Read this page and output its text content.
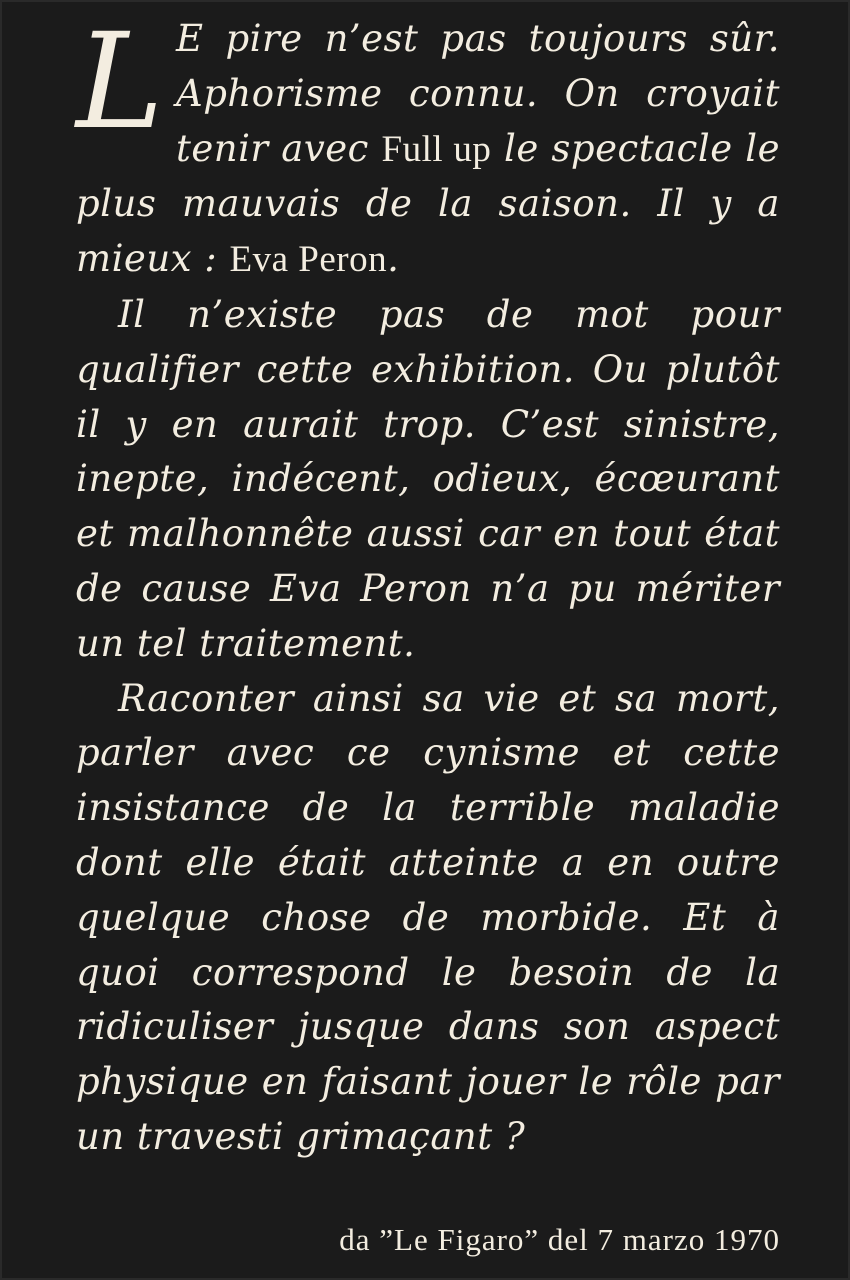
L E pire n’est pas toujours sûr. Aphorisme connu. On croyait tenir avec Full up le spectacle le plus mauvais de la saison. Il y a mieux : Eva Peron.

Il n’existe pas de mot pour qualifier cette exhibition. Ou plutôt il y en aurait trop. C’est sinistre, inepte, indécent, odieux, écœurant et malhonnête aussi car en tout état de cause Eva Peron n’a pu mériter un tel traitement.

Raconter ainsi sa vie et sa mort, parler avec ce cynisme et cette insistance de la terrible maladie dont elle était atteinte a en outre quelque chose de morbide. Et à quoi correspond le besoin de la ridiculiser jusque dans son aspect physique en faisant jouer le rôle par un travesti grimaçant ?

da ”Le Figaro” del 7 marzo 1970
